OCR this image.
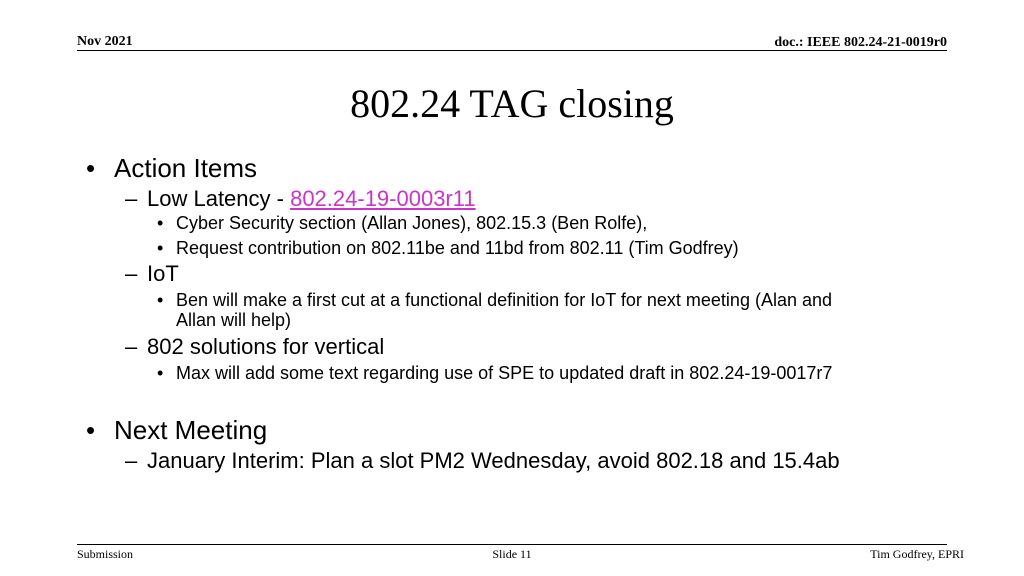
Nov 2021	doc.: IEEE 802.24-21-0019r0
802.24 TAG closing
• Action Items
– Low Latency - 802.24-19-0003r11
• Cyber Security section (Allan Jones), 802.15.3 (Ben Rolfe),
• Request contribution on 802.11be and 11bd from 802.11 (Tim Godfrey)
– IoT
• Ben will make a first cut at a functional definition for IoT for next meeting (Alan and
Allan will help)
– 802 solutions for vertical
• Max will add some text regarding use of SPE to updated draft in 802.24-19-0017r7
• Next Meeting
– January Interim: Plan a slot PM2 Wednesday, avoid 802.18 and 15.4ab
Submission	Slide 11	Tim Godfrey, EPRI
